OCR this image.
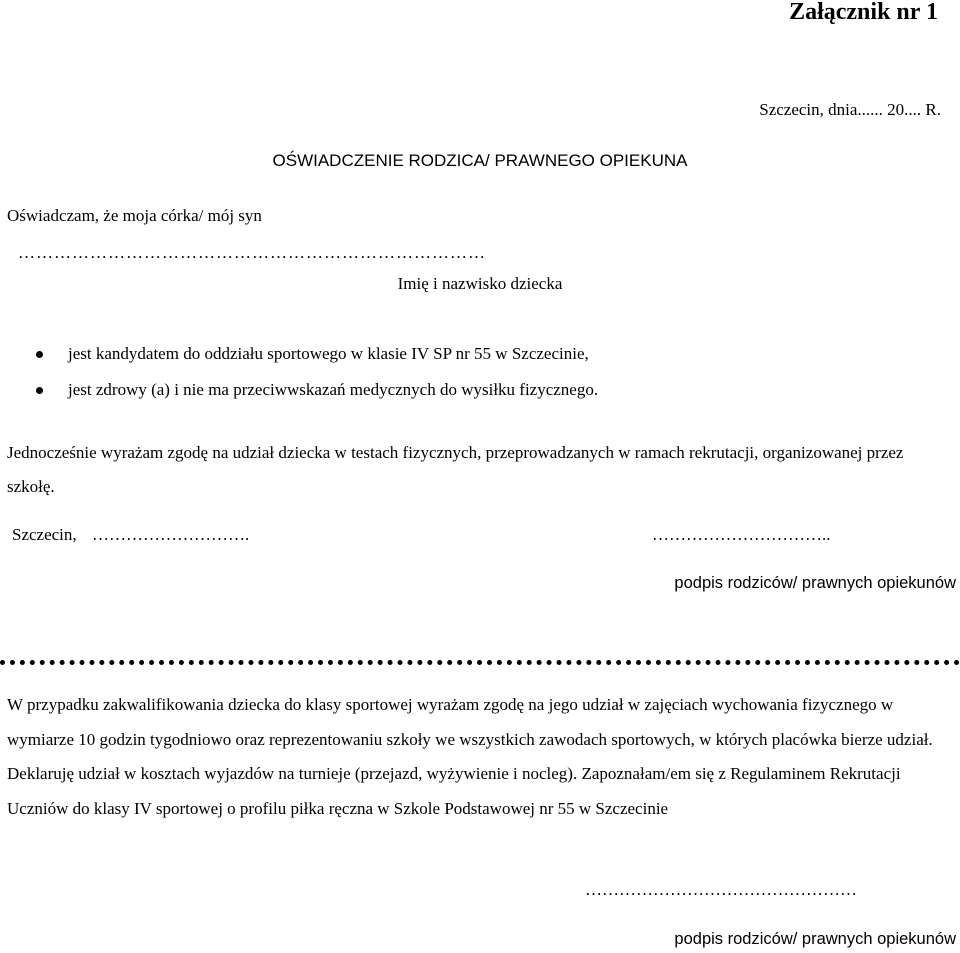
Załącznik nr 1
Szczecin, dnia...... 20.... R.
OŚWIADCZENIE RODZICA/ PRAWNEGO OPIEKUNA
Oświadczam, że moja córka/ mój syn
……………………………………………………………………
Imię i nazwisko dziecka
jest kandydatem do oddziału sportowego w klasie IV SP nr 55 w Szczecinie,
jest zdrowy (a) i nie ma przeciwwskazań medycznych do wysiłku fizycznego.
Jednocześnie wyrażam zgodę na udział dziecka w testach fizycznych, przeprowadzanych w ramach rekrutacji, organizowanej przez szkołę.
Szczecin, ……………………….	…………………………..
podpis rodziców/ prawnych opiekunów
W przypadku zakwalifikowania dziecka do klasy sportowej wyrażam zgodę na jego udział w zajęciach wychowania fizycznego w wymiarze 10 godzin tygodniowo oraz reprezentowaniu szkoły we wszystkich zawodach sportowych, w których placówka bierze udział. Deklaruję udział w kosztach wyjazdów na turnieje (przejazd, wyżywienie i nocleg). Zapoznałam/em się z Regulaminem Rekrutacji Uczniów do klasy IV sportowej o profilu piłka ręczna w Szkole Podstawowej nr 55 w Szczecinie
…………………………………………
podpis rodziców/ prawnych opiekunów
